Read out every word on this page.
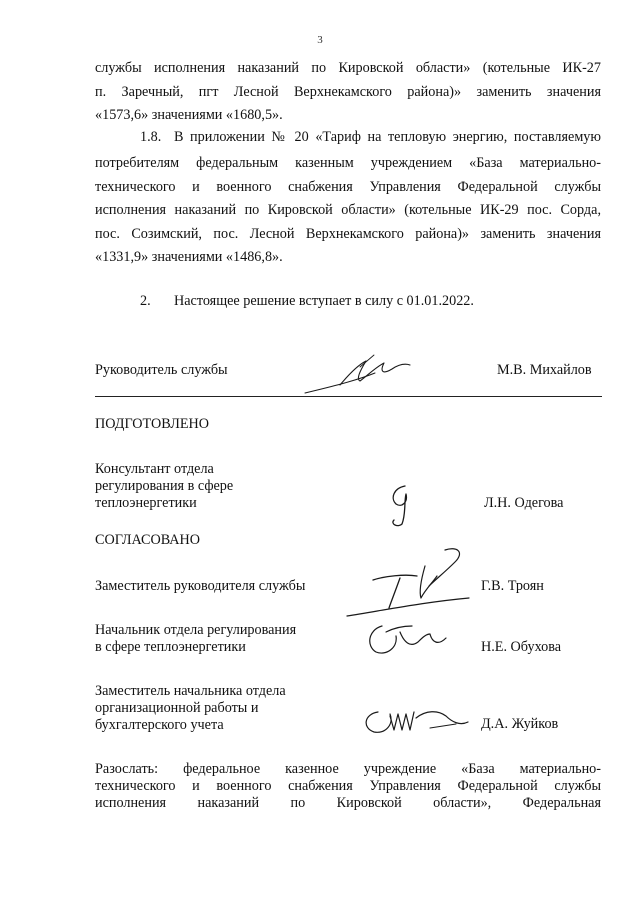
3
службы исполнения наказаний по Кировской области» (котельные ИК-27
п. Заречный, пгт Лесной Верхнекамского района)» заменить значения
«1573,6» значениями «1680,5».
1.8. В приложении № 20 «Тариф на тепловую энергию, поставляемую
потребителям федеральным казенным учреждением «База материально-
технического и военного снабжения Управления Федеральной службы
исполнения наказаний по Кировской области» (котельные ИК-29 пос. Сорда,
пос. Созимский, пос. Лесной Верхнекамского района)» заменить значения
«1331,9» значениями «1486,8».
2. Настоящее решение вступает в силу с 01.01.2022.
Руководитель службы	М.В. Михайлов
ПОДГОТОВЛЕНО
Консультант отдела
регулирования в сфере
теплоэнергетики	Л.Н. Одегова
СОГЛАСОВАНО
Заместитель руководителя службы	Г.В. Троян
Начальник отдела регулирования
в сфере теплоэнергетики	Н.Е. Обухова
Заместитель начальника отдела
организационной работы и
бухгалтерского учета	Д.А. Жуйков
Разослать: федеральное казенное учреждение «База материально-
технического и военного снабжения Управления Федеральной службы
исполнения наказаний по Кировской области», Федеральная
